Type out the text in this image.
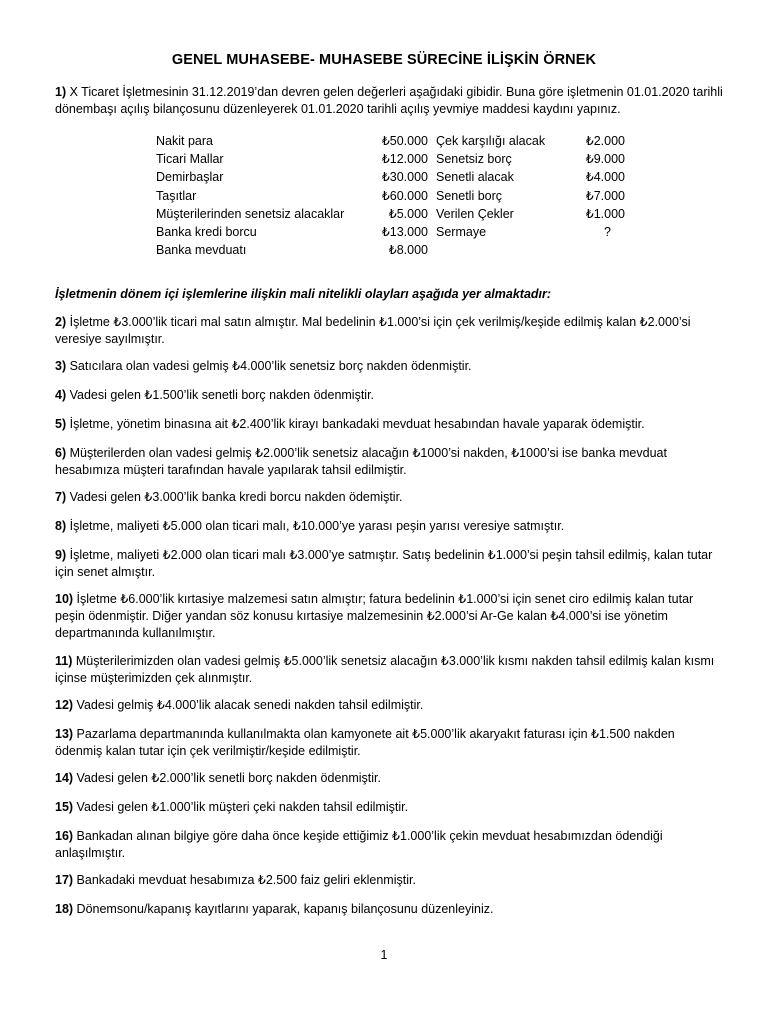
GENEL MUHASEBE- MUHASEBE SÜRECİNE İLİŞKİN ÖRNEK
1) X Ticaret İşletmesinin 31.12.2019’dan devren gelen değerleri aşağıdaki gibidir. Buna göre işletmenin 01.01.2020 tarihli dönembaşı açılış bilançosunu düzenleyerek 01.01.2020 tarihli açılış yevmiye maddesi kaydını yapınız.
Nakit para	₺50.000 Çek karşılığı alacak	₺2.000
Ticari Mallar	₺12.000 Senetsiz borç	₺9.000
Demirbaşlar	₺30.000 Senetli alacak	₺4.000
Taşıtlar	₺60.000 Senetli borç	₺7.000
Müşterilerinden senetsiz alacaklar	₺5.000 Verilen Çekler	₺1.000
Banka kredi borcu	₺13.000 Sermaye	?
Banka mevduatı	₺8.000
İşletmenin dönem içi işlemlerine ilişkin mali nitelikli olayları aşağıda yer almaktadır:
2) İşletme ₺3.000’lik ticari mal satın almıştır. Mal bedelinin ₺1.000’si için çek verilmiş/keşide edilmiş kalan ₺2.000’si veresiye sayılmıştır.
3) Satıcılara olan vadesi gelmiş ₺4.000’lik senetsiz borç nakden ödenmiştir.
4) Vadesi gelen ₺1.500’lik senetli borç nakden ödenmiştir.
5) İşletme, yönetim binasına ait ₺2.400’lik kirayı bankadaki mevduat hesabından havale yaparak ödemiştir.
6) Müşterilerden olan vadesi gelmiş ₺2.000’lik senetsiz alacağın ₺1000’si nakden, ₺1000’si ise banka mevduat hesabımıza müşteri tarafından havale yapılarak tahsil edilmiştir.
7) Vadesi gelen ₺3.000’lik banka kredi borcu nakden ödemiştir.
8) İşletme, maliyeti ₺5.000 olan ticari malı, ₺10.000’ye yarası peşin yarısı veresiye satmıştır.
9) İşletme, maliyeti ₺2.000 olan ticari malı ₺3.000’ye satmıştır. Satış bedelinin ₺1.000’si peşin tahsil edilmiş, kalan tutar için senet almıştır.
10) İşletme ₺6.000’lik kırtasiye malzemesi satın almıştır; fatura bedelinin ₺1.000’si için senet ciro edilmiş kalan tutar peşin ödenmiştir. Diğer yandan söz konusu kırtasiye malzemesinin ₺2.000’si Ar-Ge kalan ₺4.000’si ise yönetim departmanında kullanılmıştır.
11) Müşterilerimizden olan vadesi gelmiş ₺5.000’lik senetsiz alacağın ₺3.000’lik kısmı nakden tahsil edilmiş kalan kısmı içinse müşterimizden çek alınmıştır.
12) Vadesi gelmiş ₺4.000’lik alacak senedi nakden tahsil edilmiştir.
13) Pazarlama departmanında kullanılmakta olan kamyonete ait ₺5.000’lik akaryakıt faturası için ₺1.500 nakden ödenmiş kalan tutar için çek verilmiştir/keşide edilmiştir.
14) Vadesi gelen ₺2.000’lik senetli borç nakden ödenmiştir.
15) Vadesi gelen ₺1.000’lik müşteri çeki nakden tahsil edilmiştir.
16) Bankadan alınan bilgiye göre daha önce keşide ettiğimiz ₺1.000’lik çekin mevduat hesabımızdan ödendiği anlaşılmıştır.
17) Bankadaki mevduat hesabımıza ₺2.500 faiz geliri eklenmiştir.
18) Dönemsonu/kapanış kayıtlarını yaparak, kapanış bilançosunu düzenleyiniz.
1
